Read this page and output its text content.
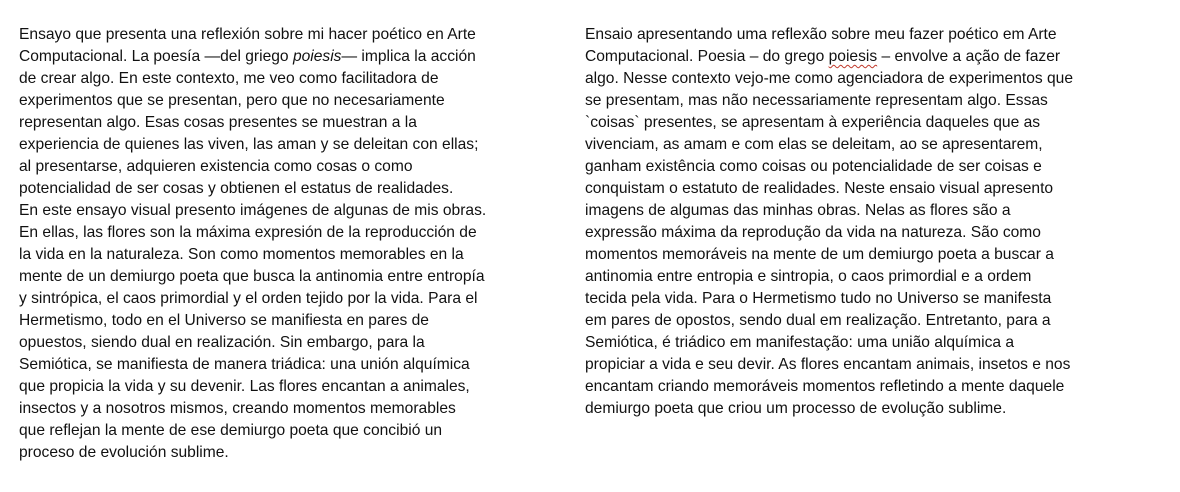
Ensayo que presenta una reflexión sobre mi hacer poético en Arte
Computacional. La poesía —del griego poiesis— implica la acción
de crear algo. En este contexto, me veo como facilitadora de
experimentos que se presentan, pero que no necesariamente
representan algo. Esas cosas presentes se muestran a la
experiencia de quienes las viven, las aman y se deleitan con ellas;
al presentarse, adquieren existencia como cosas o como
potencialidad de ser cosas y obtienen el estatus de realidades.
En este ensayo visual presento imágenes de algunas de mis obras.
En ellas, las flores son la máxima expresión de la reproducción de
la vida en la naturaleza. Son como momentos memorables en la
mente de un demiurgo poeta que busca la antinomia entre entropía
y sintrópica, el caos primordial y el orden tejido por la vida. Para el
Hermetismo, todo en el Universo se manifiesta en pares de
opuestos, siendo dual en realización. Sin embargo, para la
Semiótica, se manifiesta de manera triádica: una unión alquímica
que propicia la vida y su devenir. Las flores encantan a animales,
insectos y a nosotros mismos, creando momentos memorables
que reflejan la mente de ese demiurgo poeta que concibió un
proceso de evolución sublime.
Ensaio apresentando uma reflexão sobre meu fazer poético em Arte
Computacional. Poesia – do grego poiesis – envolve a ação de fazer
algo. Nesse contexto vejo-me como agenciadora de experimentos que
se presentam, mas não necessariamente representam algo. Essas
`coisas` presentes, se apresentam à experiência daqueles que as
vivenciam, as amam e com elas se deleitam, ao se apresentarem,
ganham existência como coisas ou potencialidade de ser coisas e
conquistam o estatuto de realidades. Neste ensaio visual apresento
imagens de algumas das minhas obras. Nelas as flores são a
expressão máxima da reprodução da vida na natureza. São como
momentos memoráveis na mente de um demiurgo poeta a buscar a
antinomia entre entropia e sintropia, o caos primordial e a ordem
tecida pela vida. Para o Hermetismo tudo no Universo se manifesta
em pares de opostos, sendo dual em realização. Entretanto, para a
Semiótica, é triádico em manifestação: uma união alquímica a
propiciar a vida e seu devir. As flores encantam animais, insetos e nos
encantam criando memoráveis momentos refletindo a mente daquele
demiurgo poeta que criou um processo de evolução sublime.
